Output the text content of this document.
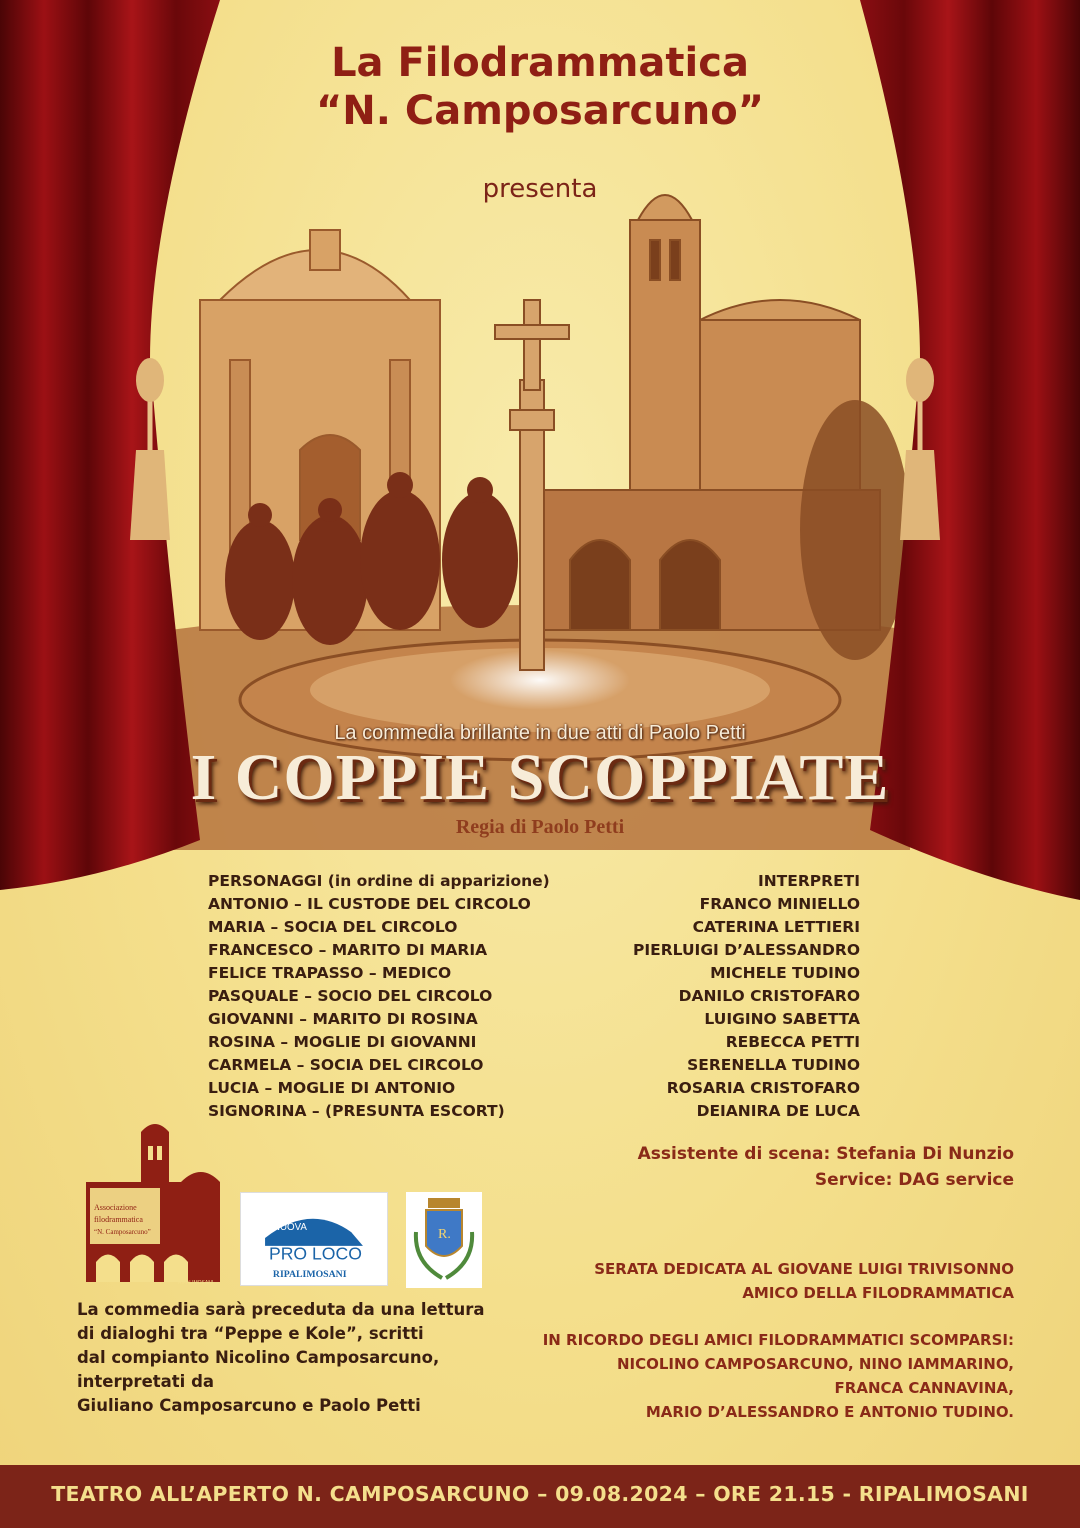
La Filodrammatica
“N. Camposarcuno”
presenta
La commedia brillante in due atti di Paolo Petti
I COPPIE SCOPPIATE
Regia di Paolo Petti
PERSONAGGI (in ordine di apparizione)
ANTONIO – IL CUSTODE DEL CIRCOLO
MARIA – SOCIA DEL CIRCOLO
FRANCESCO – MARITO DI MARIA
FELICE TRAPASSO – MEDICO
PASQUALE – SOCIO DEL CIRCOLO
GIOVANNI – MARITO DI ROSINA
ROSINA – MOGLIE DI GIOVANNI
CARMELA – SOCIA DEL CIRCOLO
LUCIA – MOGLIE DI ANTONIO
SIGNORINA – (PRESUNTA ESCORT)
INTERPRETI
FRANCO MINIELLO
CATERINA LETTIERI
PIERLUIGI D’ALESSANDRO
MICHELE TUDINO
DANILO CRISTOFARO
LUIGINO SABETTA
REBECCA PETTI
SERENELLA TUDINO
ROSARIA CRISTOFARO
DEIANIRA DE LUCA
Assistente di scena: Stefania Di Nunzio
Service: DAG service
Associazione
filodrammatica
“N. Camposarcuno”
RIPALIMOSANI
NUOVA
PRO LOCO
RIPALIMOSANI
R.
La commedia sarà preceduta da una lettura
di dialoghi tra “Peppe e Kole”, scritti
dal compianto Nicolino Camposarcuno,
interpretati da
Giuliano Camposarcuno e Paolo Petti
SERATA DEDICATA AL GIOVANE LUIGI TRIVISONNO
AMICO DELLA FILODRAMMATICA
IN RICORDO DEGLI AMICI FILODRAMMATICI SCOMPARSI:
NICOLINO CAMPOSARCUNO, NINO IAMMARINO,
FRANCA CANNAVINA,
MARIO D’ALESSANDRO E ANTONIO TUDINO.
TEATRO ALL’APERTO N. CAMPOSARCUNO – 09.08.2024 – ORE 21.15 - RIPALIMOSANI
